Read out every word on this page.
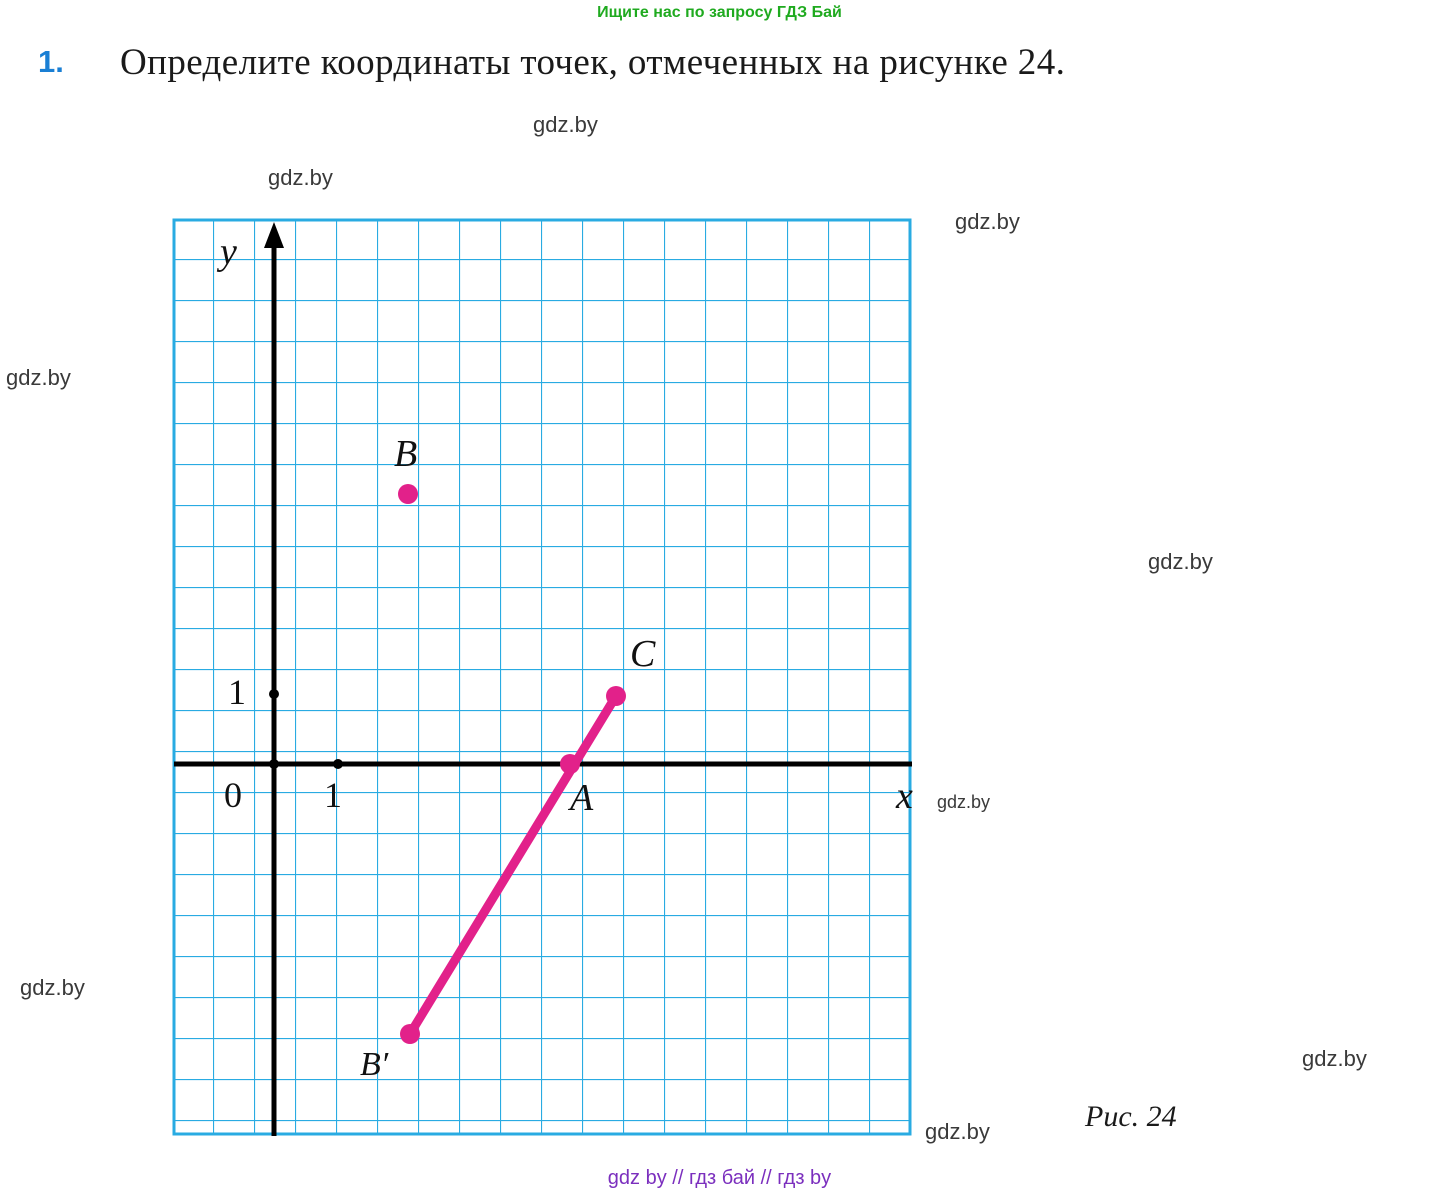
Ищите нас по запросу ГДЗ Бай
1. Определите координаты точек, отмеченных на рисунке 24.
y
x
0 1
1
B
C
A
B′
Рис. 24
gdz by // гдз бай // гдз by
gdz.by
gdz.by
gdz.by
gdz.by
gdz.by
gdz.by
gdz.by
gdz.by
gdz.by
